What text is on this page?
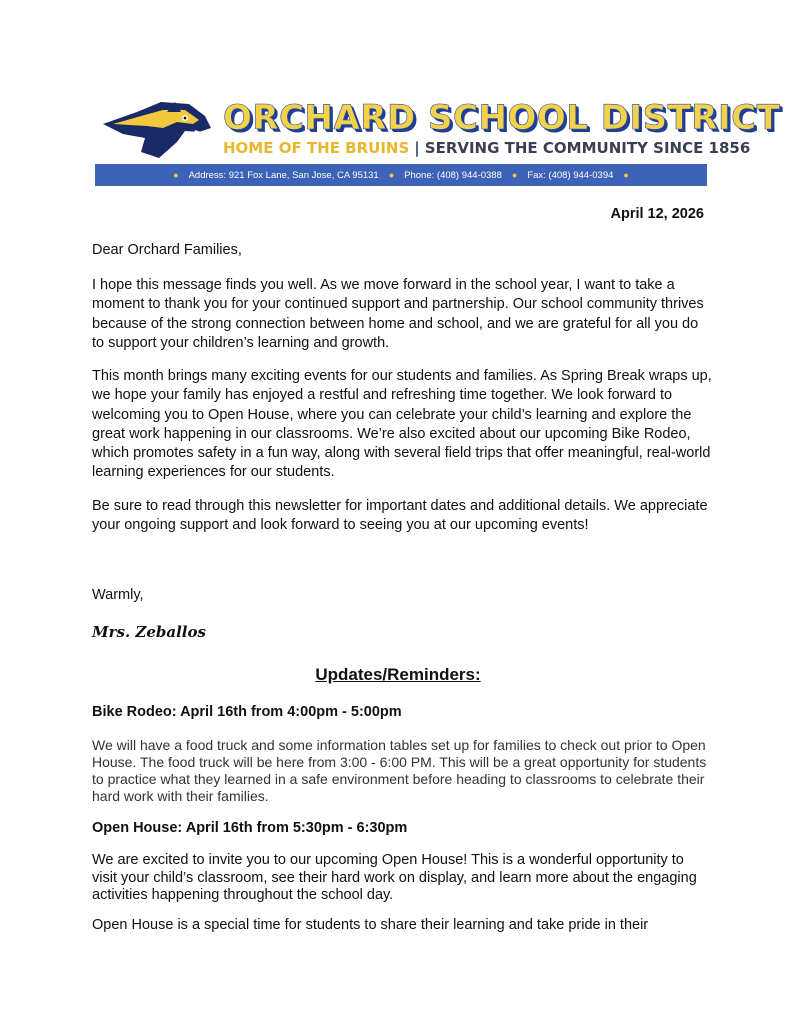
ORCHARD SCHOOL DISTRICT
HOME OF THE BRUINS | SERVING THE COMMUNITY SINCE 1856
● Address: 921 Fox Lane, San Jose, CA 95131 ● Phone: (408) 944-0388 ● Fax: (408) 944-0394 ●
April 12, 2026

Dear Orchard Families,

I hope this message finds you well. As we move forward in the school year, I want to take a moment to thank you for your continued support and partnership. Our school community thrives because of the strong connection between home and school, and we are grateful for all you do to support your children’s learning and growth.

This month brings many exciting events for our students and families. As Spring Break wraps up, we hope your family has enjoyed a restful and refreshing time together. We look forward to welcoming you to Open House, where you can celebrate your child’s learning and explore the great work happening in our classrooms. We’re also excited about our upcoming Bike Rodeo, which promotes safety in a fun way, along with several field trips that offer meaningful, real-world learning experiences for our students.

Be sure to read through this newsletter for important dates and additional details. We appreciate your ongoing support and look forward to seeing you at our upcoming events!

Warmly,

Mrs. Zeballos
Updates/Reminders:
Bike Rodeo: April 16th from 4:00pm - 5:00pm

We will have a food truck and some information tables set up for families to check out prior to Open House. The food truck will be here from 3:00 - 6:00 PM. This will be a great opportunity for students to practice what they learned in a safe environment before heading to classrooms to celebrate their hard work with their families.

Open House: April 16th from 5:30pm - 6:30pm

We are excited to invite you to our upcoming Open House! This is a wonderful opportunity to visit your child’s classroom, see their hard work on display, and learn more about the engaging activities happening throughout the school day.

Open House is a special time for students to share their learning and take pride in their
